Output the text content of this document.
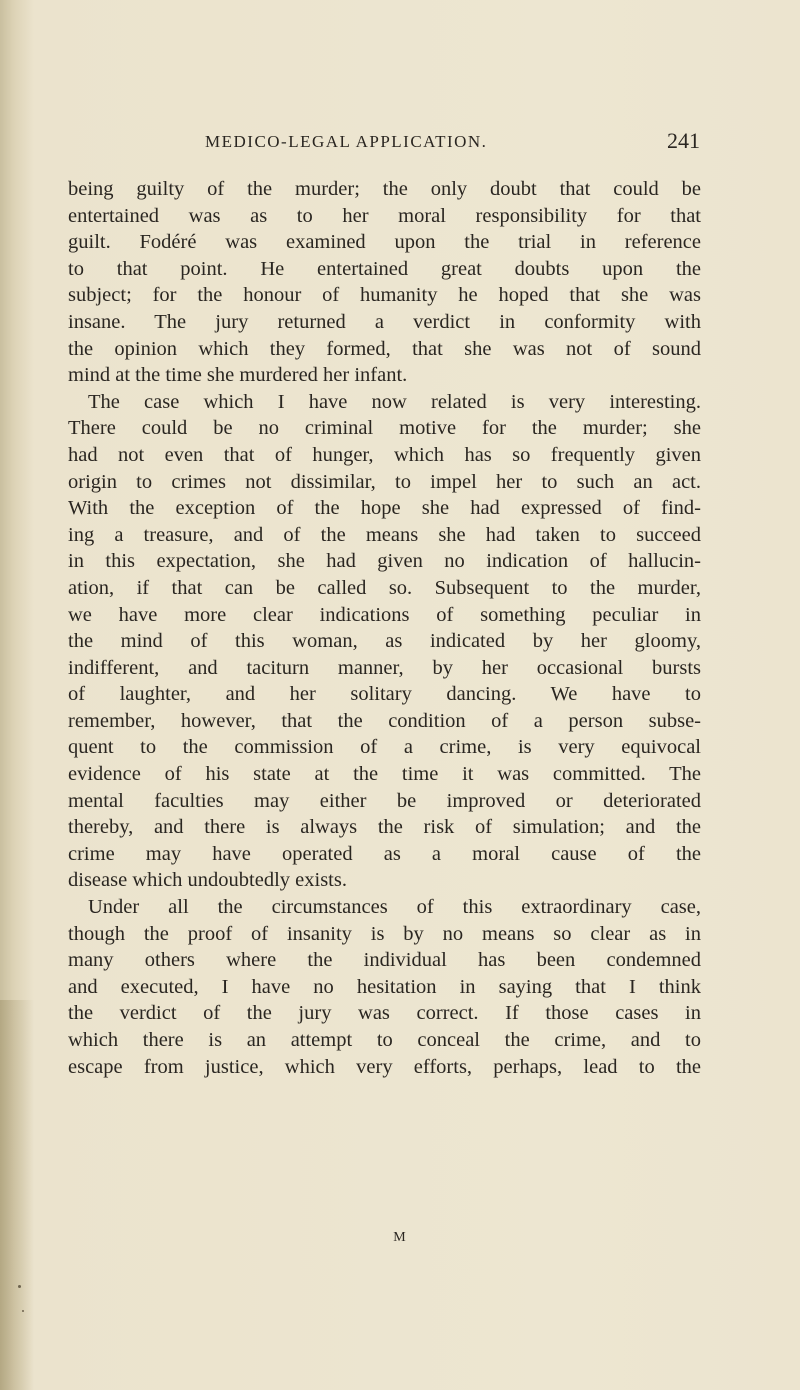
MEDICO-LEGAL APPLICATION.	241
being guilty of the murder; the only doubt that could be
entertained was as to her moral responsibility for that
guilt. Fodéré was examined upon the trial in reference
to that point. He entertained great doubts upon the
subject; for the honour of humanity he hoped that she was
insane. The jury returned a verdict in conformity with
the opinion which they formed, that she was not of sound
mind at the time she murdered her infant.
The case which I have now related is very interesting.
There could be no criminal motive for the murder; she
had not even that of hunger, which has so frequently given
origin to crimes not dissimilar, to impel her to such an act.
With the exception of the hope she had expressed of find-
ing a treasure, and of the means she had taken to succeed
in this expectation, she had given no indication of hallucin-
ation, if that can be called so. Subsequent to the murder,
we have more clear indications of something peculiar in
the mind of this woman, as indicated by her gloomy,
indifferent, and taciturn manner, by her occasional bursts
of laughter, and her solitary dancing. We have to
remember, however, that the condition of a person subse-
quent to the commission of a crime, is very equivocal
evidence of his state at the time it was committed. The
mental faculties may either be improved or deteriorated
thereby, and there is always the risk of simulation; and the
crime may have operated as a moral cause of the
disease which undoubtedly exists.
Under all the circumstances of this extraordinary case,
though the proof of insanity is by no means so clear as in
many others where the individual has been condemned
and executed, I have no hesitation in saying that I think
the verdict of the jury was correct. If those cases in
which there is an attempt to conceal the crime, and to
escape from justice, which very efforts, perhaps, lead to the
M
